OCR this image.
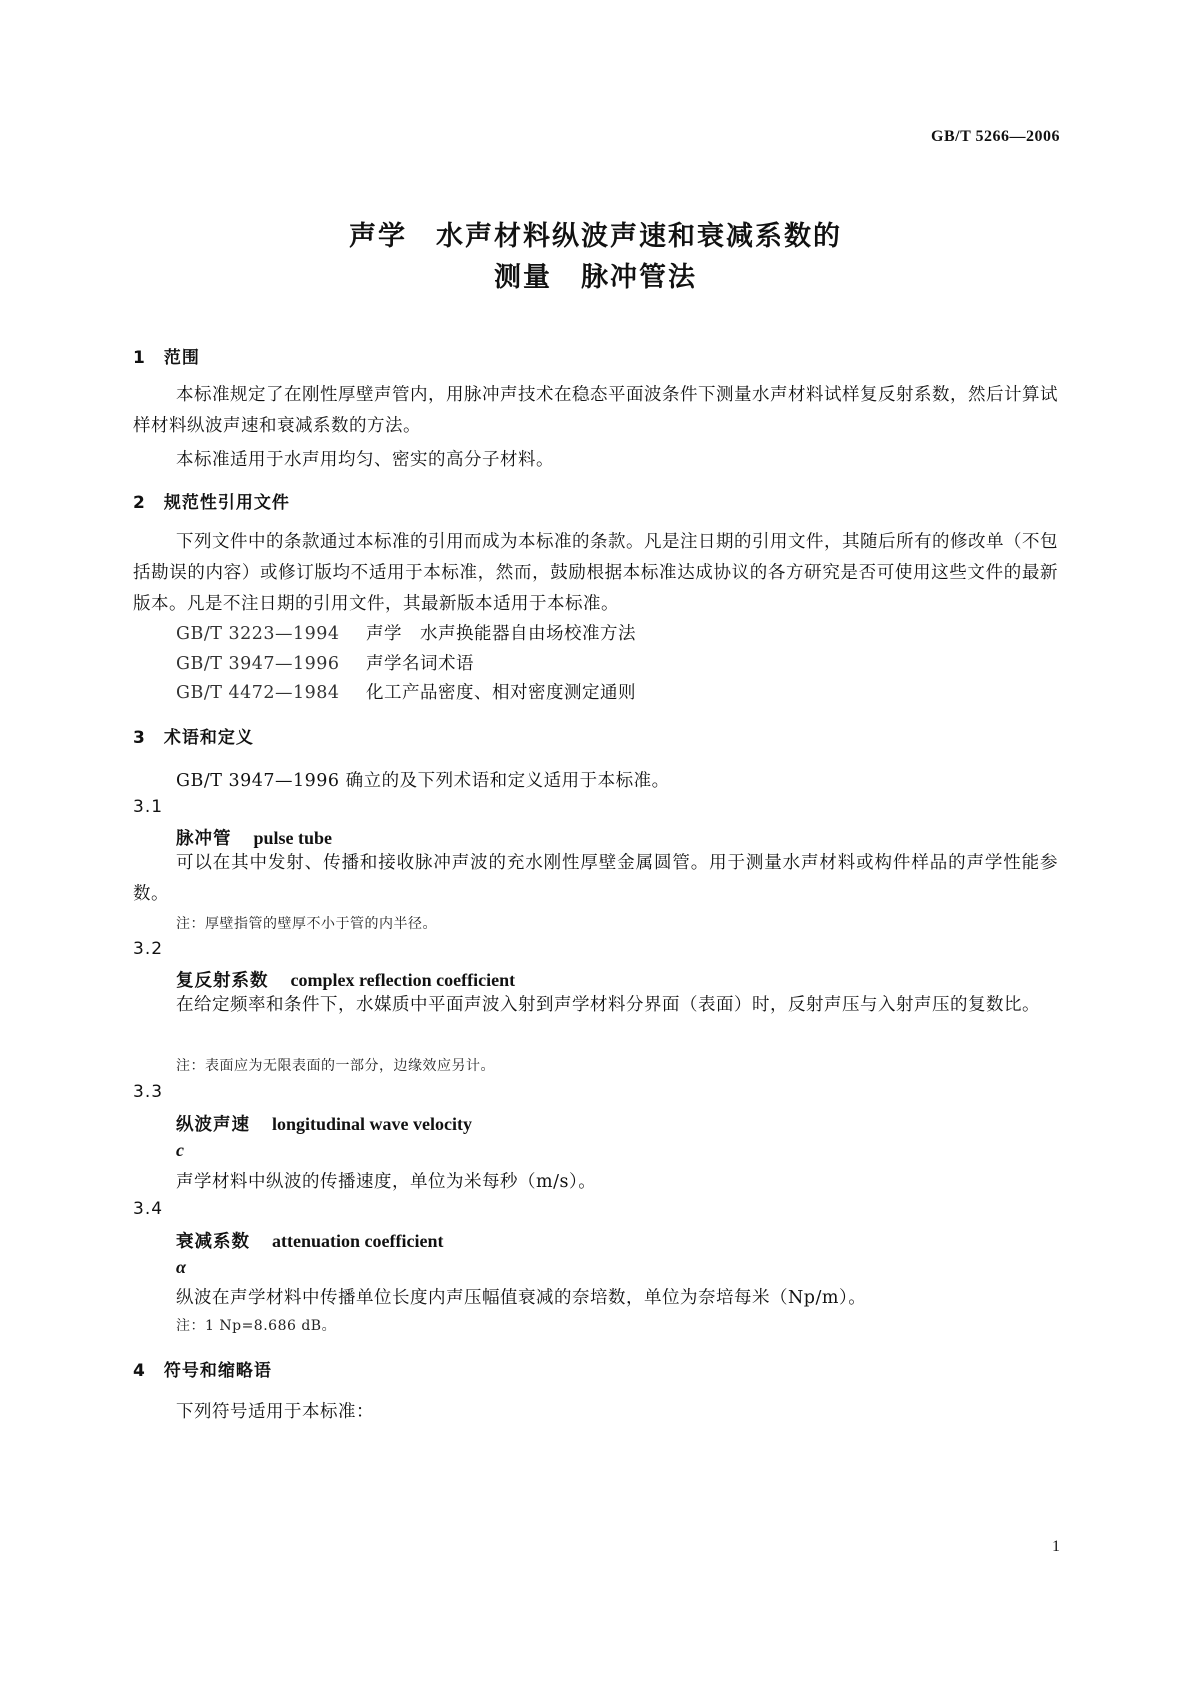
GB/T 5266—2006
声学　水声材料纵波声速和衰减系数的
测量　脉冲管法
1　范围
本标准规定了在刚性厚壁声管内，用脉冲声技术在稳态平面波条件下测量水声材料试样复反射系数，然后计算试样材料纵波声速和衰减系数的方法。
本标准适用于水声用均匀、密实的高分子材料。
2　规范性引用文件
下列文件中的条款通过本标准的引用而成为本标准的条款。凡是注日期的引用文件，其随后所有的修改单（不包括勘误的内容）或修订版均不适用于本标准，然而，鼓励根据本标准达成协议的各方研究是否可使用这些文件的最新版本。凡是不注日期的引用文件，其最新版本适用于本标准。
GB/T 3223—1994 声学　水声换能器自由场校准方法
GB/T 3947—1996 声学名词术语
GB/T 4472—1984 化工产品密度、相对密度测定通则
3　术语和定义
GB/T 3947—1996 确立的及下列术语和定义适用于本标准。
3.1
脉冲管 pulse tube
可以在其中发射、传播和接收脉冲声波的充水刚性厚壁金属圆管。用于测量水声材料或构件样品的声学性能参数。
注：厚壁指管的壁厚不小于管的内半径。
3.2
复反射系数 complex reflection coefficient
在给定频率和条件下，水媒质中平面声波入射到声学材料分界面（表面）时，反射声压与入射声压的复数比。
注：表面应为无限表面的一部分，边缘效应另计。
3.3
纵波声速 longitudinal wave velocity
c
声学材料中纵波的传播速度，单位为米每秒（m/s）。
3.4
衰减系数 attenuation coefficient
α
纵波在声学材料中传播单位长度内声压幅值衰减的奈培数，单位为奈培每米（Np/m）。
注：1 Np=8.686 dB。
4　符号和缩略语
下列符号适用于本标准：
1
